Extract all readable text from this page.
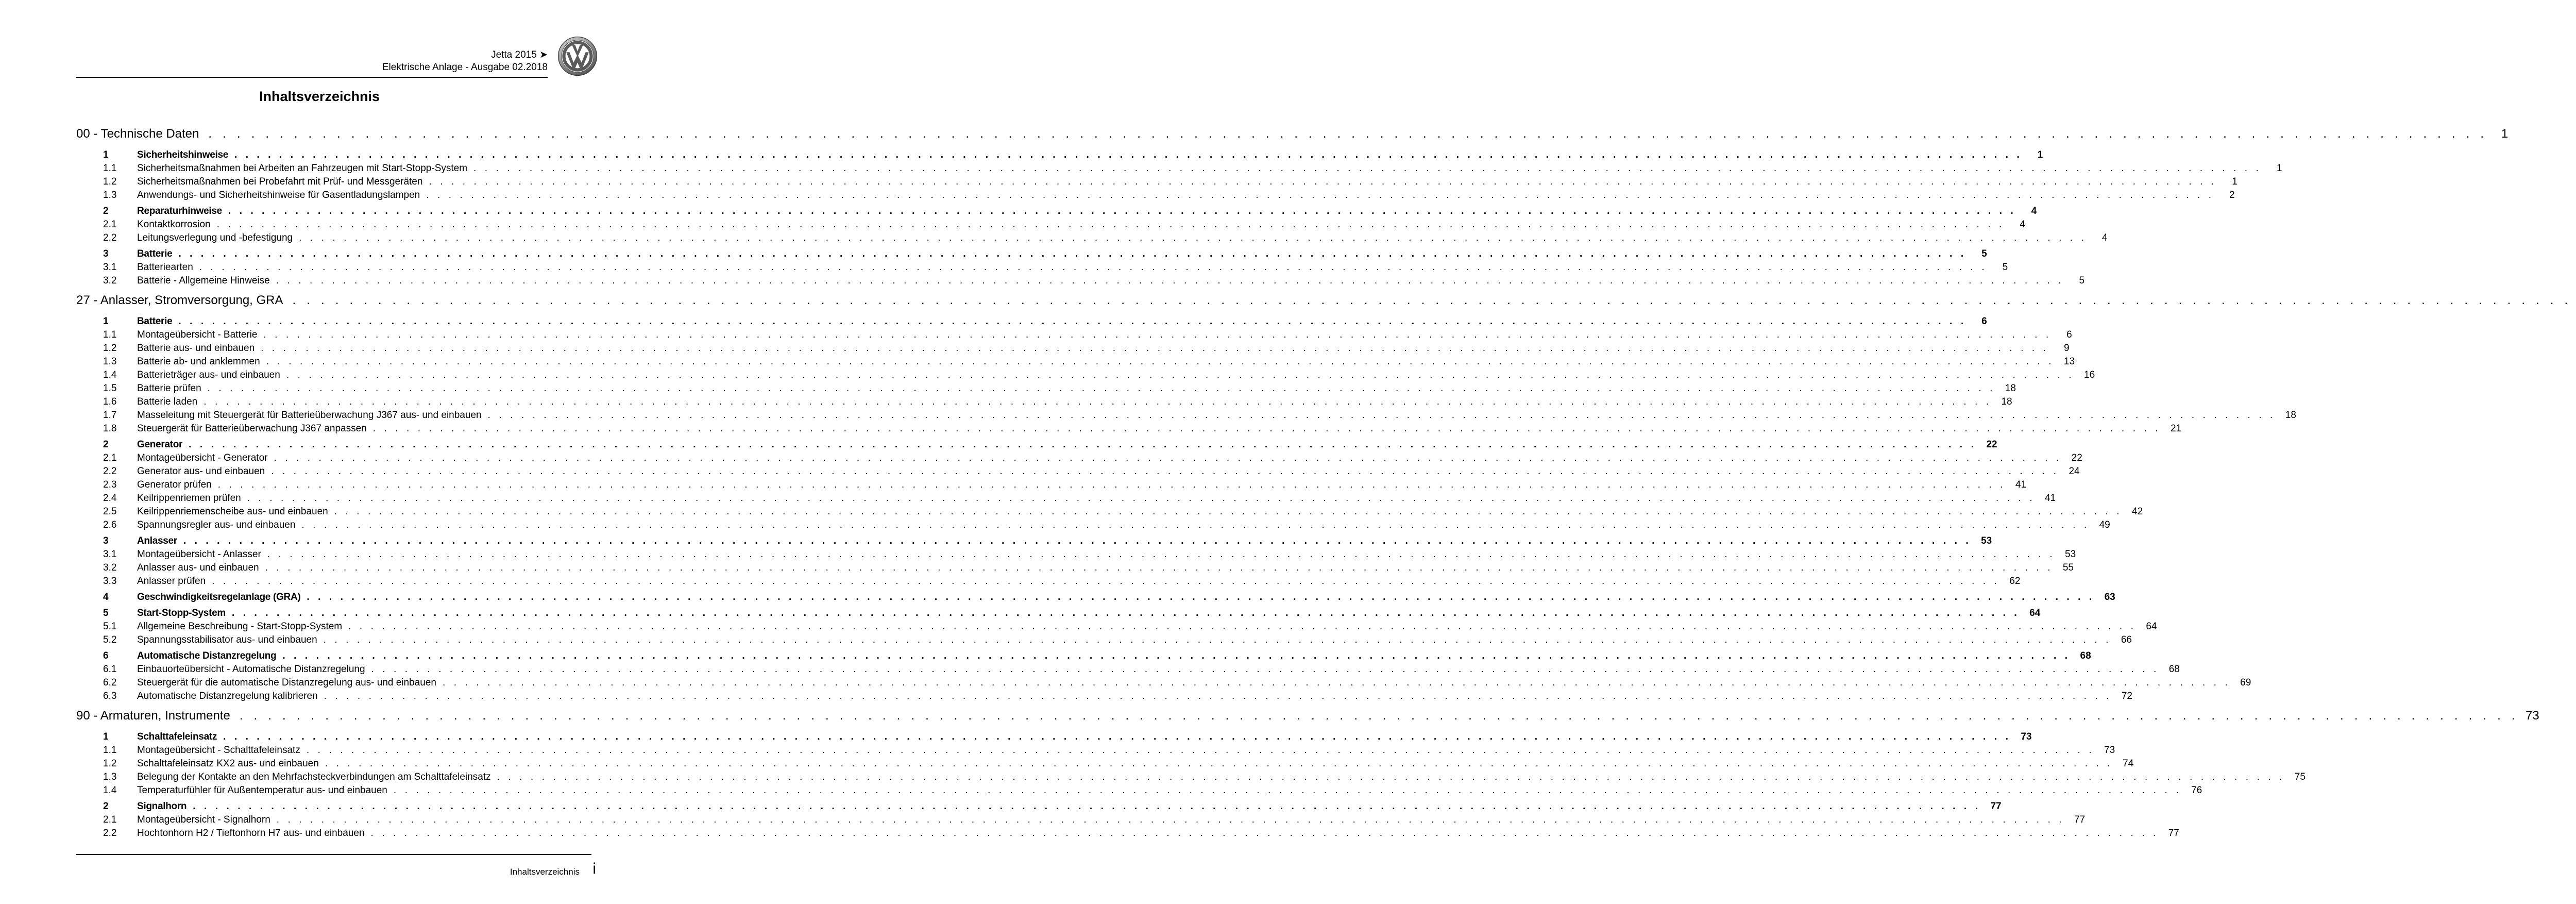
Jetta 2015 ➤
Elektrische Anlage - Ausgabe 02.2018
Inhaltsverzeichnis
00 - Technische Daten . . . . . . . . . . . . . . . . . . . . . . . . . . . . . . . . . . . . . . . . . . . . . . . . . . . . . . . . . . . . . . . . . . . . . . . . . . . . . . . . . . . . . . . . . . . . . . . . . . . . . . . . . . . . . . . . . . . . . . . . . . . . . . . . . . . . . . . . . . . . . . . . . . . . . . . . . . . . . . . .	1
1	Sicherheitshinweise . . . . . . . . . . . . . . . . . . . . . . . . . . . . . . . . . . . . . . . . . . . . . . . . . . . . . . . . . . . . . . . . . . . . . . . . . . . . . . . . . . . . . . . . . . . . . . . . . . . . . . . . . . . . . . . . . . . . . . . . . . . . . . . . . . . . . . . . . . . . . . . . . . . . . . . . . . . . . . . .	1
1.1 Sicherheitsmaßnahmen bei Arbeiten an Fahrzeugen mit Start-Stopp-System . . . . . . . . . . . . . . . . . . . . . . . . . . . . . . . . . . . . . . . . . . . . . . . . . . . . . . . . . . . . . . . . . . . . . . . . . . . . . . . . . . . . . . . . . . . . . . . . . . . . . . . . . . . . . . . . . . . . . . . . . . . . . . . . . . . . . . . . . . . . . . . . . . . . . . . . . . . . . . . .	1
1.2 Sicherheitsmaßnahmen bei Probefahrt mit Prüf- und Messgeräten . . . . . . . . . . . . . . . . . . . . . . . . . . . . . . . . . . . . . . . . . . . . . . . . . . . . . . . . . . . . . . . . . . . . . . . . . . . . . . . . . . . . . . . . . . . . . . . . . . . . . . . . . . . . . . . . . . . . . . . . . . . . . . . . . . . . . . . . . . . . . . . . . . . . . . . . . . . . . . . .	1
1.3 Anwendungs- und Sicherheitshinweise für Gasentladungslampen . . . . . . . . . . . . . . . . . . . . . . . . . . . . . . . . . . . . . . . . . . . . . . . . . . . . . . . . . . . . . . . . . . . . . . . . . . . . . . . . . . . . . . . . . . . . . . . . . . . . . . . . . . . . . . . . . . . . . . . . . . . . . . . . . . . . . . . . . . . . . . . . . . . . . . . . . . . . . . . .	2
2	Reparaturhinweise . . . . . . . . . . . . . . . . . . . . . . . . . . . . . . . . . . . . . . . . . . . . . . . . . . . . . . . . . . . . . . . . . . . . . . . . . . . . . . . . . . . . . . . . . . . . . . . . . . . . . . . . . . . . . . . . . . . . . . . . . . . . . . . . . . . . . . . . . . . . . . . . . . . . . . . . . . . . . . . .	4
2.1 Kontaktkorrosion . . . . . . . . . . . . . . . . . . . . . . . . . . . . . . . . . . . . . . . . . . . . . . . . . . . . . . . . . . . . . . . . . . . . . . . . . . . . . . . . . . . . . . . . . . . . . . . . . . . . . . . . . . . . . . . . . . . . . . . . . . . . . . . . . . . . . . . . . . . . . . . . . . . . . . . . . . . . . . . .	4
2.2 Leitungsverlegung und -befestigung . . . . . . . . . . . . . . . . . . . . . . . . . . . . . . . . . . . . . . . . . . . . . . . . . . . . . . . . . . . . . . . . . . . . . . . . . . . . . . . . . . . . . . . . . . . . . . . . . . . . . . . . . . . . . . . . . . . . . . . . . . . . . . . . . . . . . . . . . . . . . . . . . . . . . . . . . . . . . . . .	4
3	Batterie . . . . . . . . . . . . . . . . . . . . . . . . . . . . . . . . . . . . . . . . . . . . . . . . . . . . . . . . . . . . . . . . . . . . . . . . . . . . . . . . . . . . . . . . . . . . . . . . . . . . . . . . . . . . . . . . . . . . . . . . . . . . . . . . . . . . . . . . . . . . . . . . . . . . . . . . . . . . . . . .	5
3.1 Batteriearten . . . . . . . . . . . . . . . . . . . . . . . . . . . . . . . . . . . . . . . . . . . . . . . . . . . . . . . . . . . . . . . . . . . . . . . . . . . . . . . . . . . . . . . . . . . . . . . . . . . . . . . . . . . . . . . . . . . . . . . . . . . . . . . . . . . . . . . . . . . . . . . . . . . . . . . . . . . . . . . .	5
3.2 Batterie - Allgemeine Hinweise . . . . . . . . . . . . . . . . . . . . . . . . . . . . . . . . . . . . . . . . . . . . . . . . . . . . . . . . . . . . . . . . . . . . . . . . . . . . . . . . . . . . . . . . . . . . . . . . . . . . . . . . . . . . . . . . . . . . . . . . . . . . . . . . . . . . . . . . . . . . . . . . . . . . . . . . . . . . . . . .	5
27 - Anlasser, Stromversorgung, GRA . . . . . . . . . . . . . . . . . . . . . . . . . . . . . . . . . . . . . . . . . . . . . . . . . . . . . . . . . . . . . . . . . . . . . . . . . . . . . . . . . . . . . . . . . . . . . . . . . . . . . . . . . . . . . . . . . . . . . . . . . . . . . . . . . . . . . . . . . . . . . . . . . . . . . . . . . . . . . . . .
1	Batterie . . . . . . . . . . . . . . . . . . . . . . . . . . . . . . . . . . . . . . . . . . . . . . . . . . . . . . . . . . . . . . . . . . . . . . . . . . . . . . . . . . . . . . . . . . . . . . . . . . . . . . . . . . . . . . . . . . . . . . . . . . . . . . . . . . . . . . . . . . . . . . . . . . . . . . . . . . . . . . . .	6
1.1 Montageübersicht - Batterie . . . . . . . . . . . . . . . . . . . . . . . . . . . . . . . . . . . . . . . . . . . . . . . . . . . . . . . . . . . . . . . . . . . . . . . . . . . . . . . . . . . . . . . . . . . . . . . . . . . . . . . . . . . . . . . . . . . . . . . . . . . . . . . . . . . . . . . . . . . . . . . . . . . . . . . . . . . . . . . .	6
1.2 Batterie aus- und einbauen . . . . . . . . . . . . . . . . . . . . . . . . . . . . . . . . . . . . . . . . . . . . . . . . . . . . . . . . . . . . . . . . . . . . . . . . . . . . . . . . . . . . . . . . . . . . . . . . . . . . . . . . . . . . . . . . . . . . . . . . . . . . . . . . . . . . . . . . . . . . . . . . . . . . . . . . . . . . . . . .	9
1.3 Batterie ab- und anklemmen . . . . . . . . . . . . . . . . . . . . . . . . . . . . . . . . . . . . . . . . . . . . . . . . . . . . . . . . . . . . . . . . . . . . . . . . . . . . . . . . . . . . . . . . . . . . . . . . . . . . . . . . . . . . . . . . . . . . . . . . . . . . . . . . . . . . . . . . . . . . . . . . . . . . . . . . . . . . . . . . 13
1.4 Batterieträger aus- und einbauen . . . . . . . . . . . . . . . . . . . . . . . . . . . . . . . . . . . . . . . . . . . . . . . . . . . . . . . . . . . . . . . . . . . . . . . . . . . . . . . . . . . . . . . . . . . . . . . . . . . . . . . . . . . . . . . . . . . . . . . . . . . . . . . . . . . . . . . . . . . . . . . . . . . . . . . . . . . . . . . . 16
1.5 Batterie prüfen . . . . . . . . . . . . . . . . . . . . . . . . . . . . . . . . . . . . . . . . . . . . . . . . . . . . . . . . . . . . . . . . . . . . . . . . . . . . . . . . . . . . . . . . . . . . . . . . . . . . . . . . . . . . . . . . . . . . . . . . . . . . . . . . . . . . . . . . . . . . . . . . . . . . . . . . . . . . . . . . 18
1.6 Batterie laden . . . . . . . . . . . . . . . . . . . . . . . . . . . . . . . . . . . . . . . . . . . . . . . . . . . . . . . . . . . . . . . . . . . . . . . . . . . . . . . . . . . . . . . . . . . . . . . . . . . . . . . . . . . . . . . . . . . . . . . . . . . . . . . . . . . . . . . . . . . . . . . . . . . . . . . . . . . . . . . . 18
1.7 Masseleitung mit Steuergerät für Batterieüberwachung J367 aus- und einbauen . . . . . . . . . . . . . . . . . . . . . . . . . . . . . . . . . . . . . . . . . . . . . . . . . . . . . . . . . . . . . . . . . . . . . . . . . . . . . . . . . . . . . . . . . . . . . . . . . . . . . . . . . . . . . . . . . . . . . . . . . . . . . . . . . . . . . . . . . . . . . . . . . . . . . . . . . . . . . . . . 18
1.8 Steuergerät für Batterieüberwachung J367 anpassen . . . . . . . . . . . . . . . . . . . . . . . . . . . . . . . . . . . . . . . . . . . . . . . . . . . . . . . . . . . . . . . . . . . . . . . . . . . . . . . . . . . . . . . . . . . . . . . . . . . . . . . . . . . . . . . . . . . . . . . . . . . . . . . . . . . . . . . . . . . . . . . . . . . . . . . . . . . . . . . . 21
2	Generator . . . . . . . . . . . . . . . . . . . . . . . . . . . . . . . . . . . . . . . . . . . . . . . . . . . . . . . . . . . . . . . . . . . . . . . . . . . . . . . . . . . . . . . . . . . . . . . . . . . . . . . . . . . . . . . . . . . . . . . . . . . . . . . . . . . . . . . . . . . . . . . . . . . . . . . . . . . . . . . . 22
2.1 Montageübersicht - Generator . . . . . . . . . . . . . . . . . . . . . . . . . . . . . . . . . . . . . . . . . . . . . . . . . . . . . . . . . . . . . . . . . . . . . . . . . . . . . . . . . . . . . . . . . . . . . . . . . . . . . . . . . . . . . . . . . . . . . . . . . . . . . . . . . . . . . . . . . . . . . . . . . . . . . . . . . . . . . . . . 22
2.2 Generator aus- und einbauen . . . . . . . . . . . . . . . . . . . . . . . . . . . . . . . . . . . . . . . . . . . . . . . . . . . . . . . . . . . . . . . . . . . . . . . . . . . . . . . . . . . . . . . . . . . . . . . . . . . . . . . . . . . . . . . . . . . . . . . . . . . . . . . . . . . . . . . . . . . . . . . . . . . . . . . . . . . . . . . . 24
2.3 Generator prüfen . . . . . . . . . . . . . . . . . . . . . . . . . . . . . . . . . . . . . . . . . . . . . . . . . . . . . . . . . . . . . . . . . . . . . . . . . . . . . . . . . . . . . . . . . . . . . . . . . . . . . . . . . . . . . . . . . . . . . . . . . . . . . . . . . . . . . . . . . . . . . . . . . . . . . . . . . . . . . . . . 41
2.4 Keilrippenriemen prüfen . . . . . . . . . . . . . . . . . . . . . . . . . . . . . . . . . . . . . . . . . . . . . . . . . . . . . . . . . . . . . . . . . . . . . . . . . . . . . . . . . . . . . . . . . . . . . . . . . . . . . . . . . . . . . . . . . . . . . . . . . . . . . . . . . . . . . . . . . . . . . . . . . . . . . . . . . . . . . . . . 41
2.5 Keilrippenriemenscheibe aus- und einbauen . . . . . . . . . . . . . . . . . . . . . . . . . . . . . . . . . . . . . . . . . . . . . . . . . . . . . . . . . . . . . . . . . . . . . . . . . . . . . . . . . . . . . . . . . . . . . . . . . . . . . . . . . . . . . . . . . . . . . . . . . . . . . . . . . . . . . . . . . . . . . . . . . . . . . . . . . . . . . . . . 42
2.6 Spannungsregler aus- und einbauen . . . . . . . . . . . . . . . . . . . . . . . . . . . . . . . . . . . . . . . . . . . . . . . . . . . . . . . . . . . . . . . . . . . . . . . . . . . . . . . . . . . . . . . . . . . . . . . . . . . . . . . . . . . . . . . . . . . . . . . . . . . . . . . . . . . . . . . . . . . . . . . . . . . . . . . . . . . . . . . . 49
3	Anlasser . . . . . . . . . . . . . . . . . . . . . . . . . . . . . . . . . . . . . . . . . . . . . . . . . . . . . . . . . . . . . . . . . . . . . . . . . . . . . . . . . . . . . . . . . . . . . . . . . . . . . . . . . . . . . . . . . . . . . . . . . . . . . . . . . . . . . . . . . . . . . . . . . . . . . . . . . . . . . . . . 53
3.1 Montageübersicht - Anlasser . . . . . . . . . . . . . . . . . . . . . . . . . . . . . . . . . . . . . . . . . . . . . . . . . . . . . . . . . . . . . . . . . . . . . . . . . . . . . . . . . . . . . . . . . . . . . . . . . . . . . . . . . . . . . . . . . . . . . . . . . . . . . . . . . . . . . . . . . . . . . . . . . . . . . . . . . . . . . . . . 53
3.2 Anlasser aus- und einbauen . . . . . . . . . . . . . . . . . . . . . . . . . . . . . . . . . . . . . . . . . . . . . . . . . . . . . . . . . . . . . . . . . . . . . . . . . . . . . . . . . . . . . . . . . . . . . . . . . . . . . . . . . . . . . . . . . . . . . . . . . . . . . . . . . . . . . . . . . . . . . . . . . . . . . . . . . . . . . . . . 55
3.3 Anlasser prüfen . . . . . . . . . . . . . . . . . . . . . . . . . . . . . . . . . . . . . . . . . . . . . . . . . . . . . . . . . . . . . . . . . . . . . . . . . . . . . . . . . . . . . . . . . . . . . . . . . . . . . . . . . . . . . . . . . . . . . . . . . . . . . . . . . . . . . . . . . . . . . . . . . . . . . . . . . . . . . . . . 62
4	Geschwindigkeitsregelanlage (GRA) . . . . . . . . . . . . . . . . . . . . . . . . . . . . . . . . . . . . . . . . . . . . . . . . . . . . . . . . . . . . . . . . . . . . . . . . . . . . . . . . . . . . . . . . . . . . . . . . . . . . . . . . . . . . . . . . . . . . . . . . . . . . . . . . . . . . . . . . . . . . . . . . . . . . . . . . . . . . . . . . 63
5	Start-Stopp-System . . . . . . . . . . . . . . . . . . . . . . . . . . . . . . . . . . . . . . . . . . . . . . . . . . . . . . . . . . . . . . . . . . . . . . . . . . . . . . . . . . . . . . . . . . . . . . . . . . . . . . . . . . . . . . . . . . . . . . . . . . . . . . . . . . . . . . . . . . . . . . . . . . . . . . . . . . . . . . . . 64
5.1 Allgemeine Beschreibung - Start-Stopp-System . . . . . . . . . . . . . . . . . . . . . . . . . . . . . . . . . . . . . . . . . . . . . . . . . . . . . . . . . . . . . . . . . . . . . . . . . . . . . . . . . . . . . . . . . . . . . . . . . . . . . . . . . . . . . . . . . . . . . . . . . . . . . . . . . . . . . . . . . . . . . . . . . . . . . . . . . . . . . . . . 64
5.2 Spannungsstabilisator aus- und einbauen . . . . . . . . . . . . . . . . . . . . . . . . . . . . . . . . . . . . . . . . . . . . . . . . . . . . . . . . . . . . . . . . . . . . . . . . . . . . . . . . . . . . . . . . . . . . . . . . . . . . . . . . . . . . . . . . . . . . . . . . . . . . . . . . . . . . . . . . . . . . . . . . . . . . . . . . . . . . . . . . 66
6	Automatische Distanzregelung . . . . . . . . . . . . . . . . . . . . . . . . . . . . . . . . . . . . . . . . . . . . . . . . . . . . . . . . . . . . . . . . . . . . . . . . . . . . . . . . . . . . . . . . . . . . . . . . . . . . . . . . . . . . . . . . . . . . . . . . . . . . . . . . . . . . . . . . . . . . . . . . . . . . . . . . . . . . . . . . 68
6.1 Einbauorteübersicht - Automatische Distanzregelung . . . . . . . . . . . . . . . . . . . . . . . . . . . . . . . . . . . . . . . . . . . . . . . . . . . . . . . . . . . . . . . . . . . . . . . . . . . . . . . . . . . . . . . . . . . . . . . . . . . . . . . . . . . . . . . . . . . . . . . . . . . . . . . . . . . . . . . . . . . . . . . . . . . . . . . . . . . . . . . . 68
6.2 Steuergerät für die automatische Distanzregelung aus- und einbauen . . . . . . . . . . . . . . . . . . . . . . . . . . . . . . . . . . . . . . . . . . . . . . . . . . . . . . . . . . . . . . . . . . . . . . . . . . . . . . . . . . . . . . . . . . . . . . . . . . . . . . . . . . . . . . . . . . . . . . . . . . . . . . . . . . . . . . . . . . . . . . . . . . . . . . . . . . . . . . . . 69
6.3 Automatische Distanzregelung kalibrieren . . . . . . . . . . . . . . . . . . . . . . . . . . . . . . . . . . . . . . . . . . . . . . . . . . . . . . . . . . . . . . . . . . . . . . . . . . . . . . . . . . . . . . . . . . . . . . . . . . . . . . . . . . . . . . . . . . . . . . . . . . . . . . . . . . . . . . . . . . . . . . . . . . . . . . . . . . . . . . . . 72
90 - Armaturen, Instrumente . . . . . . . . . . . . . . . . . . . . . . . . . . . . . . . . . . . . . . . . . . . . . . . . . . . . . . . . . . . . . . . . . . . . . . . . . . . . . . . . . . . . . . . . . . . . . . . . . . . . . . . . . . . . . . . . . . . . . . . . . . . . . . . . . . . . . . . . . . . . . . . . . . . . . . . . . . . . . . . . 73
1	Schalttafeleinsatz . . . . . . . . . . . . . . . . . . . . . . . . . . . . . . . . . . . . . . . . . . . . . . . . . . . . . . . . . . . . . . . . . . . . . . . . . . . . . . . . . . . . . . . . . . . . . . . . . . . . . . . . . . . . . . . . . . . . . . . . . . . . . . . . . . . . . . . . . . . . . . . . . . . . . . . . . . . . . . . . 73
1.1 Montageübersicht - Schalttafeleinsatz . . . . . . . . . . . . . . . . . . . . . . . . . . . . . . . . . . . . . . . . . . . . . . . . . . . . . . . . . . . . . . . . . . . . . . . . . . . . . . . . . . . . . . . . . . . . . . . . . . . . . . . . . . . . . . . . . . . . . . . . . . . . . . . . . . . . . . . . . . . . . . . . . . . . . . . . . . . . . . . . 73
1.2 Schalttafeleinsatz KX2 aus- und einbauen . . . . . . . . . . . . . . . . . . . . . . . . . . . . . . . . . . . . . . . . . . . . . . . . . . . . . . . . . . . . . . . . . . . . . . . . . . . . . . . . . . . . . . . . . . . . . . . . . . . . . . . . . . . . . . . . . . . . . . . . . . . . . . . . . . . . . . . . . . . . . . . . . . . . . . . . . . . . . . . . 74
1.3 Belegung der Kontakte an den Mehrfachsteckverbindungen am Schalttafeleinsatz . . . . . . . . . . . . . . . . . . . . . . . . . . . . . . . . . . . . . . . . . . . . . . . . . . . . . . . . . . . . . . . . . . . . . . . . . . . . . . . . . . . . . . . . . . . . . . . . . . . . . . . . . . . . . . . . . . . . . . . . . . . . . . . . . . . . . . . . . . . . . . . . . . . . . . . . . . . . . . . . 75
1.4 Temperaturfühler für Außentemperatur aus- und einbauen . . . . . . . . . . . . . . . . . . . . . . . . . . . . . . . . . . . . . . . . . . . . . . . . . . . . . . . . . . . . . . . . . . . . . . . . . . . . . . . . . . . . . . . . . . . . . . . . . . . . . . . . . . . . . . . . . . . . . . . . . . . . . . . . . . . . . . . . . . . . . . . . . . . . . . . . . . . . . . . . 76
2	Signalhorn . . . . . . . . . . . . . . . . . . . . . . . . . . . . . . . . . . . . . . . . . . . . . . . . . . . . . . . . . . . . . . . . . . . . . . . . . . . . . . . . . . . . . . . . . . . . . . . . . . . . . . . . . . . . . . . . . . . . . . . . . . . . . . . . . . . . . . . . . . . . . . . . . . . . . . . . . . . . . . . . 77
2.1 Montageübersicht - Signalhorn . . . . . . . . . . . . . . . . . . . . . . . . . . . . . . . . . . . . . . . . . . . . . . . . . . . . . . . . . . . . . . . . . . . . . . . . . . . . . . . . . . . . . . . . . . . . . . . . . . . . . . . . . . . . . . . . . . . . . . . . . . . . . . . . . . . . . . . . . . . . . . . . . . . . . . . . . . . . . . . . 77
2.2 Hochtonhorn H2 / Tieftonhorn H7 aus- und einbauen . . . . . . . . . . . . . . . . . . . . . . . . . . . . . . . . . . . . . . . . . . . . . . . . . . . . . . . . . . . . . . . . . . . . . . . . . . . . . . . . . . . . . . . . . . . . . . . . . . . . . . . . . . . . . . . . . . . . . . . . . . . . . . . . . . . . . . . . . . . . . . . . . . . . . . . . . . . . . . . . 77
Inhaltsverzeichnis i
